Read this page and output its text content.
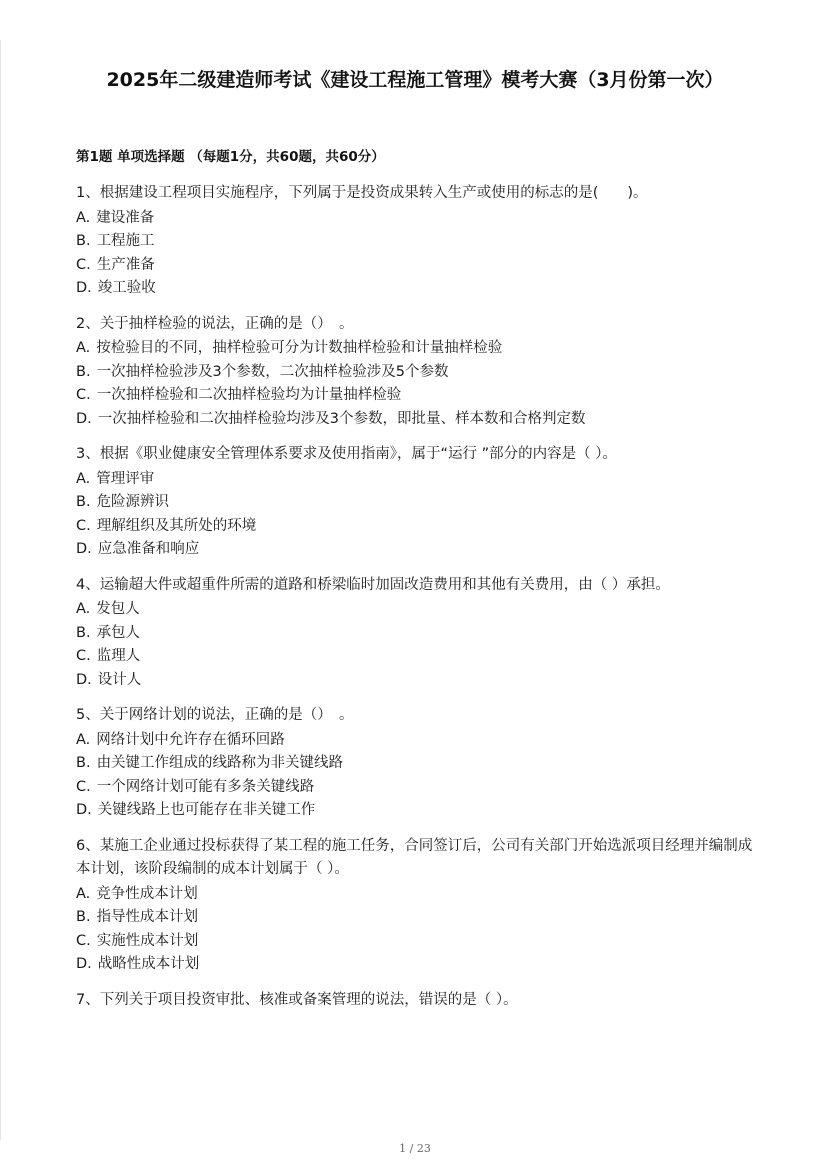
2025年二级建造师考试《建设工程施工管理》模考大赛（3月份第一次）
第1题 单项选择题 （每题1分，共60题，共60分）
1、根据建设工程项目实施程序，下列属于是投资成果转入生产或使用的标志的是(　　)。
A. 建设准备
B. 工程施工
C. 生产准备
D. 竣工验收
2、关于抽样检验的说法，正确的是（）　。
A. 按检验目的不同，抽样检验可分为计数抽样检验和计量抽样检验
B. 一次抽样检验涉及3个参数，二次抽样检验涉及5个参数
C. 一次抽样检验和二次抽样检验均为计量抽样检验
D. 一次抽样检验和二次抽样检验均涉及3个参数，即批量、样本数和合格判定数
3、根据《职业健康安全管理体系要求及使用指南》，属于“运行 ”部分的内容是（ ）。
A. 管理评审
B. 危险源辨识
C. 理解组织及其所处的环境
D. 应急准备和响应
4、运输超大件或超重件所需的道路和桥梁临时加固改造费用和其他有关费用，由（ ）承担。
A. 发包人
B. 承包人
C. 监理人
D. 设计人
5、关于网络计划的说法，正确的是（）　。
A. 网络计划中允许存在循环回路
B. 由关键工作组成的线路称为非关键线路
C. 一个网络计划可能有多条关键线路
D. 关键线路上也可能存在非关键工作
6、某施工企业通过投标获得了某工程的施工任务，合同签订后，公司有关部门开始选派项目经理并编制成本计划，该阶段编制的成本计划属于（ ）。
A. 竞争性成本计划
B. 指导性成本计划
C. 实施性成本计划
D. 战略性成本计划
7、下列关于项目投资审批、核准或备案管理的说法，错误的是（ ）。
1 / 23
